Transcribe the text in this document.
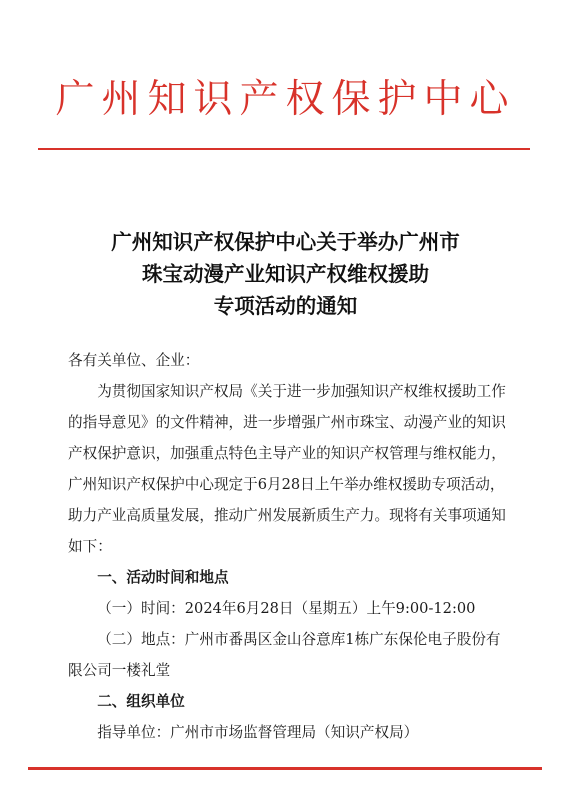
广州知识产权保护中心
广州知识产权保护中心关于举办广州市
珠宝动漫产业知识产权维权援助
专项活动的通知

各有关单位、企业：

为贯彻国家知识产权局《关于进一步加强知识产权维权援助工作的指导意见》的文件精神，进一步增强广州市珠宝、动漫产业的知识产权保护意识，加强重点特色主导产业的知识产权管理与维权能力，广州知识产权保护中心现定于6月28日上午举办维权援助专项活动，助力产业高质量发展，推动广州发展新质生产力。现将有关事项通知如下：

一、活动时间和地点

（一）时间：2024年6月28日（星期五）上午9:00-12:00

（二）地点：广州市番禺区金山谷意库1栋广东保伦电子股份有限公司一楼礼堂

二、组织单位

指导单位：广州市市场监督管理局（知识产权局）
